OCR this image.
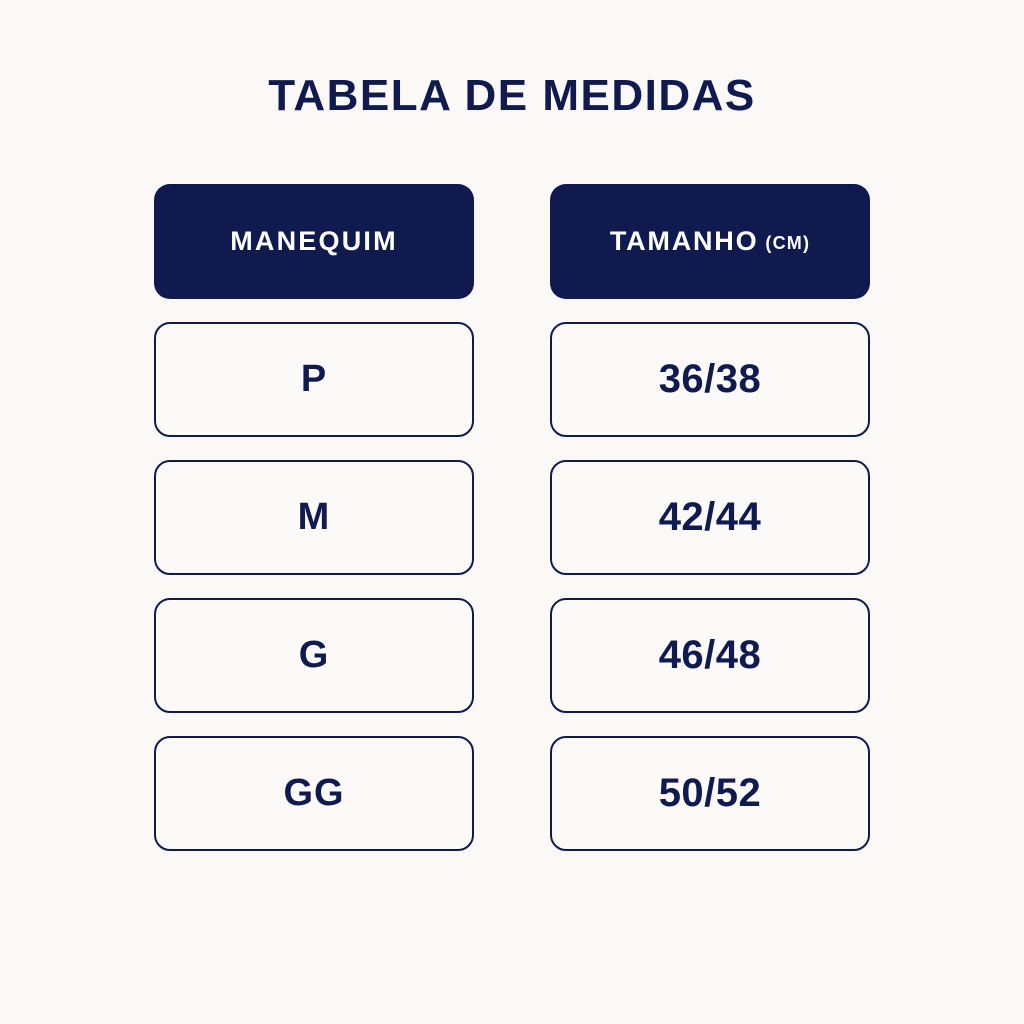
TABELA DE MEDIDAS
MANEQUIM	TAMANHO (CM)
P	36/38
M	42/44
G	46/48
GG	50/52
